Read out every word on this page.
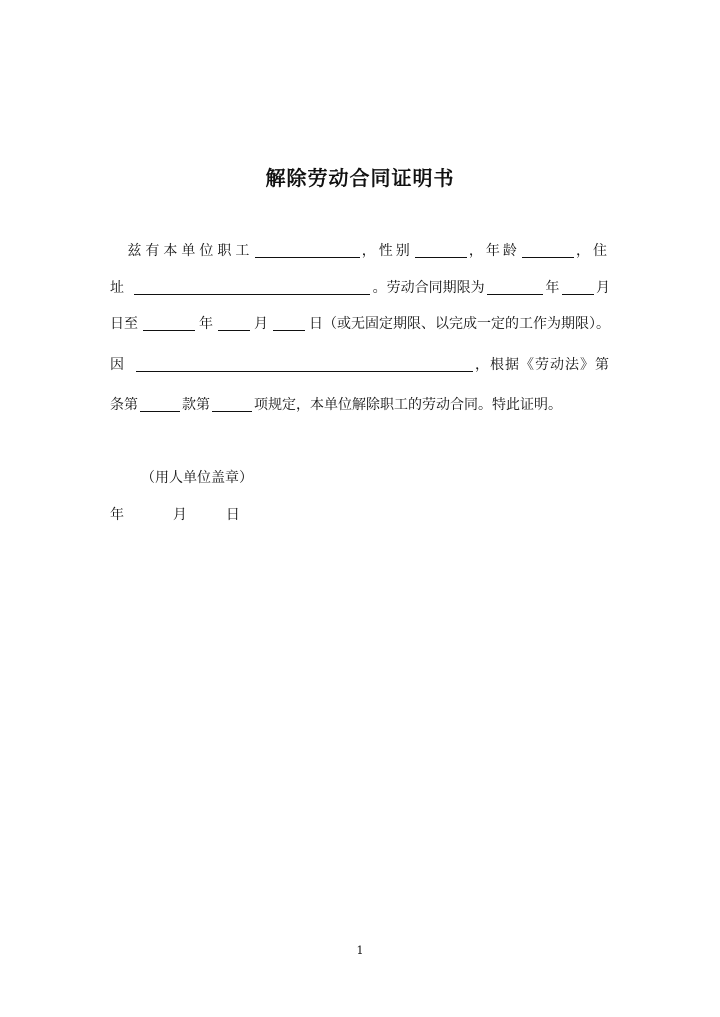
解除劳动合同证明书
兹有本单位职工	，性别	，年龄	，住
址	。劳动合同期限为	年	月
日至	年	月	日（或无固定期限、以完成一定的工作为期限）。
因	，根据《劳动法》第
条第	款第	项规定，本单位解除职工的劳动合同。特此证明。
（用人单位盖章）
年	月	日
1
